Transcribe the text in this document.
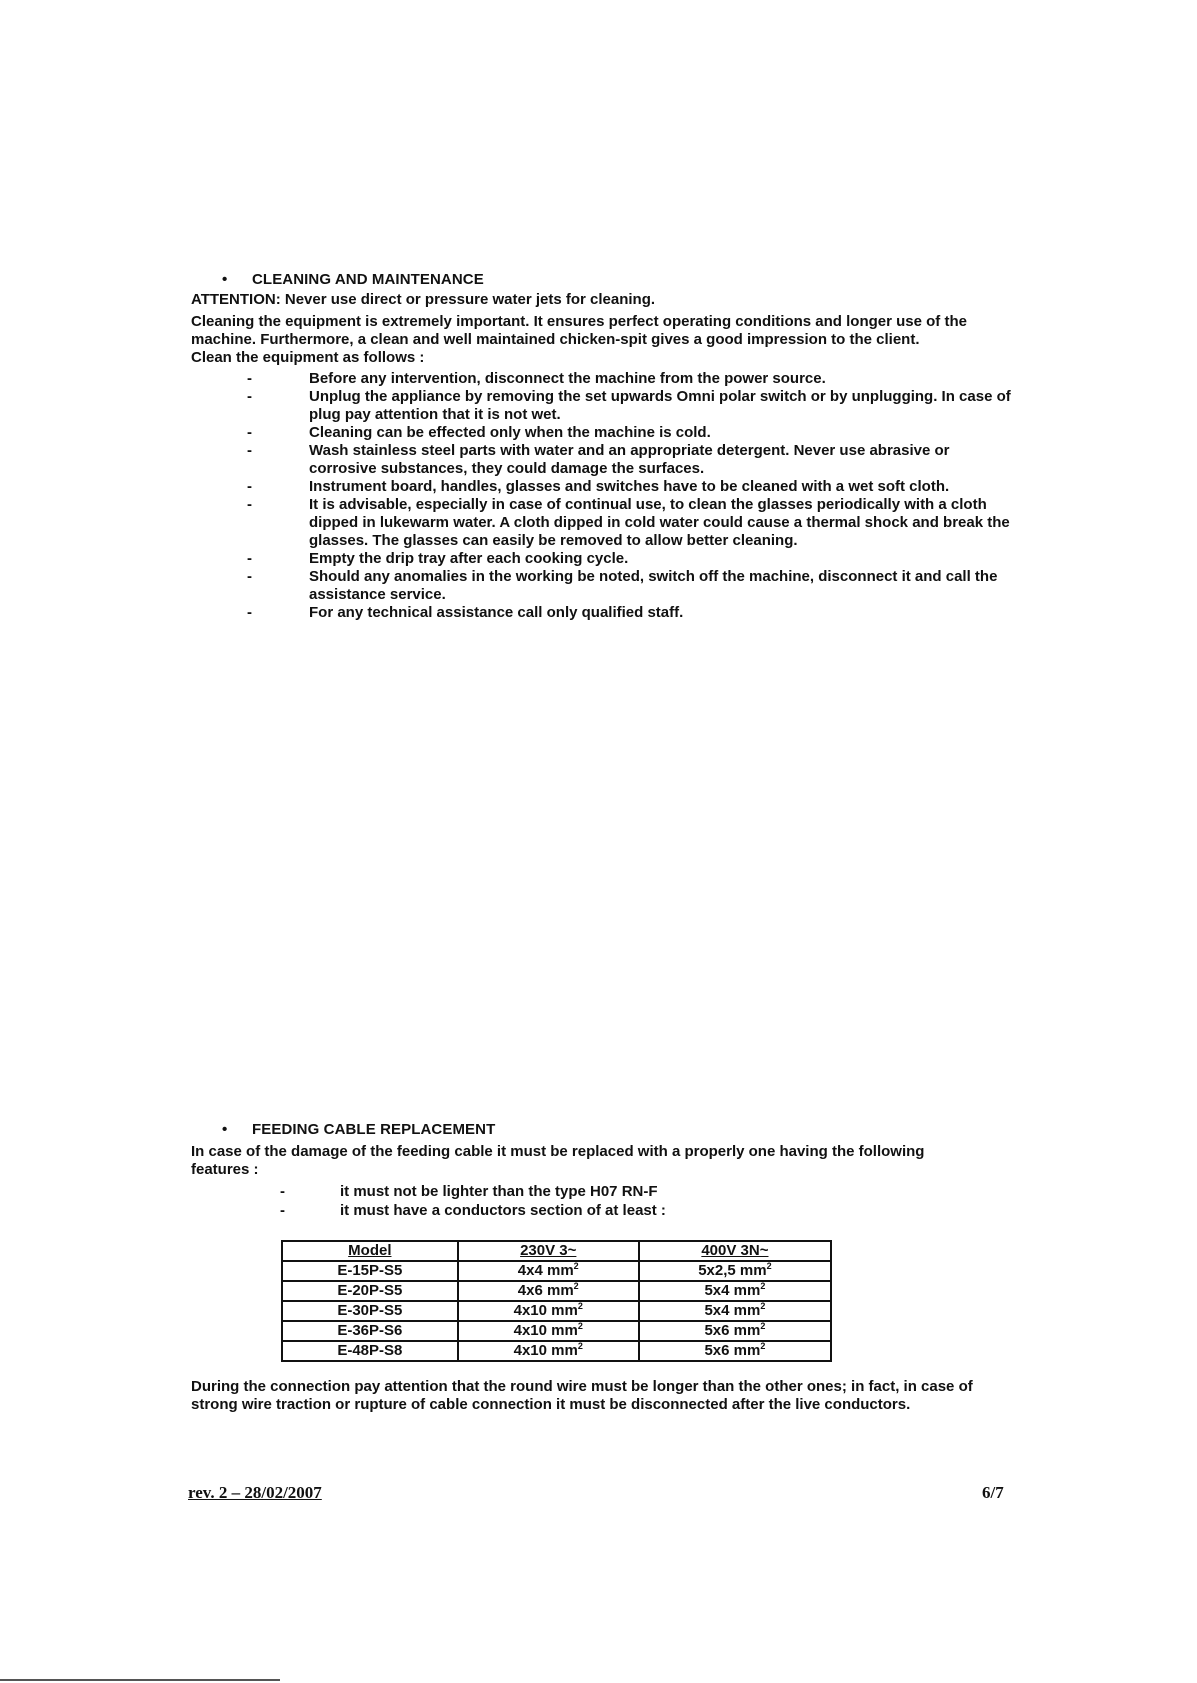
• CLEANING AND MAINTENANCE
ATTENTION: Never use direct or pressure water jets for cleaning.
Cleaning the equipment is extremely important. It ensures perfect operating conditions and longer use of the machine. Furthermore, a clean and well maintained chicken-spit gives a good impression to the client.
Clean the equipment as follows :
-	Before any intervention, disconnect the machine from the power source.
-	Unplug the appliance by removing the set upwards Omni polar switch or by unplugging. In case of plug pay attention that it is not wet.
-	Cleaning can be effected only when the machine is cold.
-	Wash stainless steel parts with water and an appropriate detergent. Never use abrasive or corrosive substances, they could damage the surfaces.
-	Instrument board, handles, glasses and switches have to be cleaned with a wet soft cloth.
-	It is advisable, especially in case of continual use, to clean the glasses periodically with a cloth dipped in lukewarm water. A cloth dipped in cold water could cause a thermal shock and break the glasses. The glasses can easily be removed to allow better cleaning.
-	Empty the drip tray after each cooking cycle.
-	Should any anomalies in the working be noted, switch off the machine, disconnect it and call the assistance service.
-	For any technical assistance call only qualified staff.
• FEEDING CABLE REPLACEMENT
In case of the damage of the feeding cable it must be replaced with a properly one having the following features :
-	it must not be lighter than the type H07 RN-F
-	it must have a conductors section of at least :
Model	230V 3~	400V 3N~
E-15P-S5	4x4 $mm^2$	5x2,5 $mm^2$
E-20P-S5	4x6 $mm^2$	5x4 $mm^2$
E-30P-S5	4x10 $mm^2$	5x4 $mm^2$
E-36P-S6	4x10 $mm^2$	5x6 $mm^2$
E-48P-S8	4x10 $mm^2$	5x6 $mm^2$
During the connection pay attention that the round wire must be longer than the other ones; in fact, in case of strong wire traction or rupture of cable connection it must be disconnected after the live conductors.
rev. 2 – 28/02/2007	6/7
